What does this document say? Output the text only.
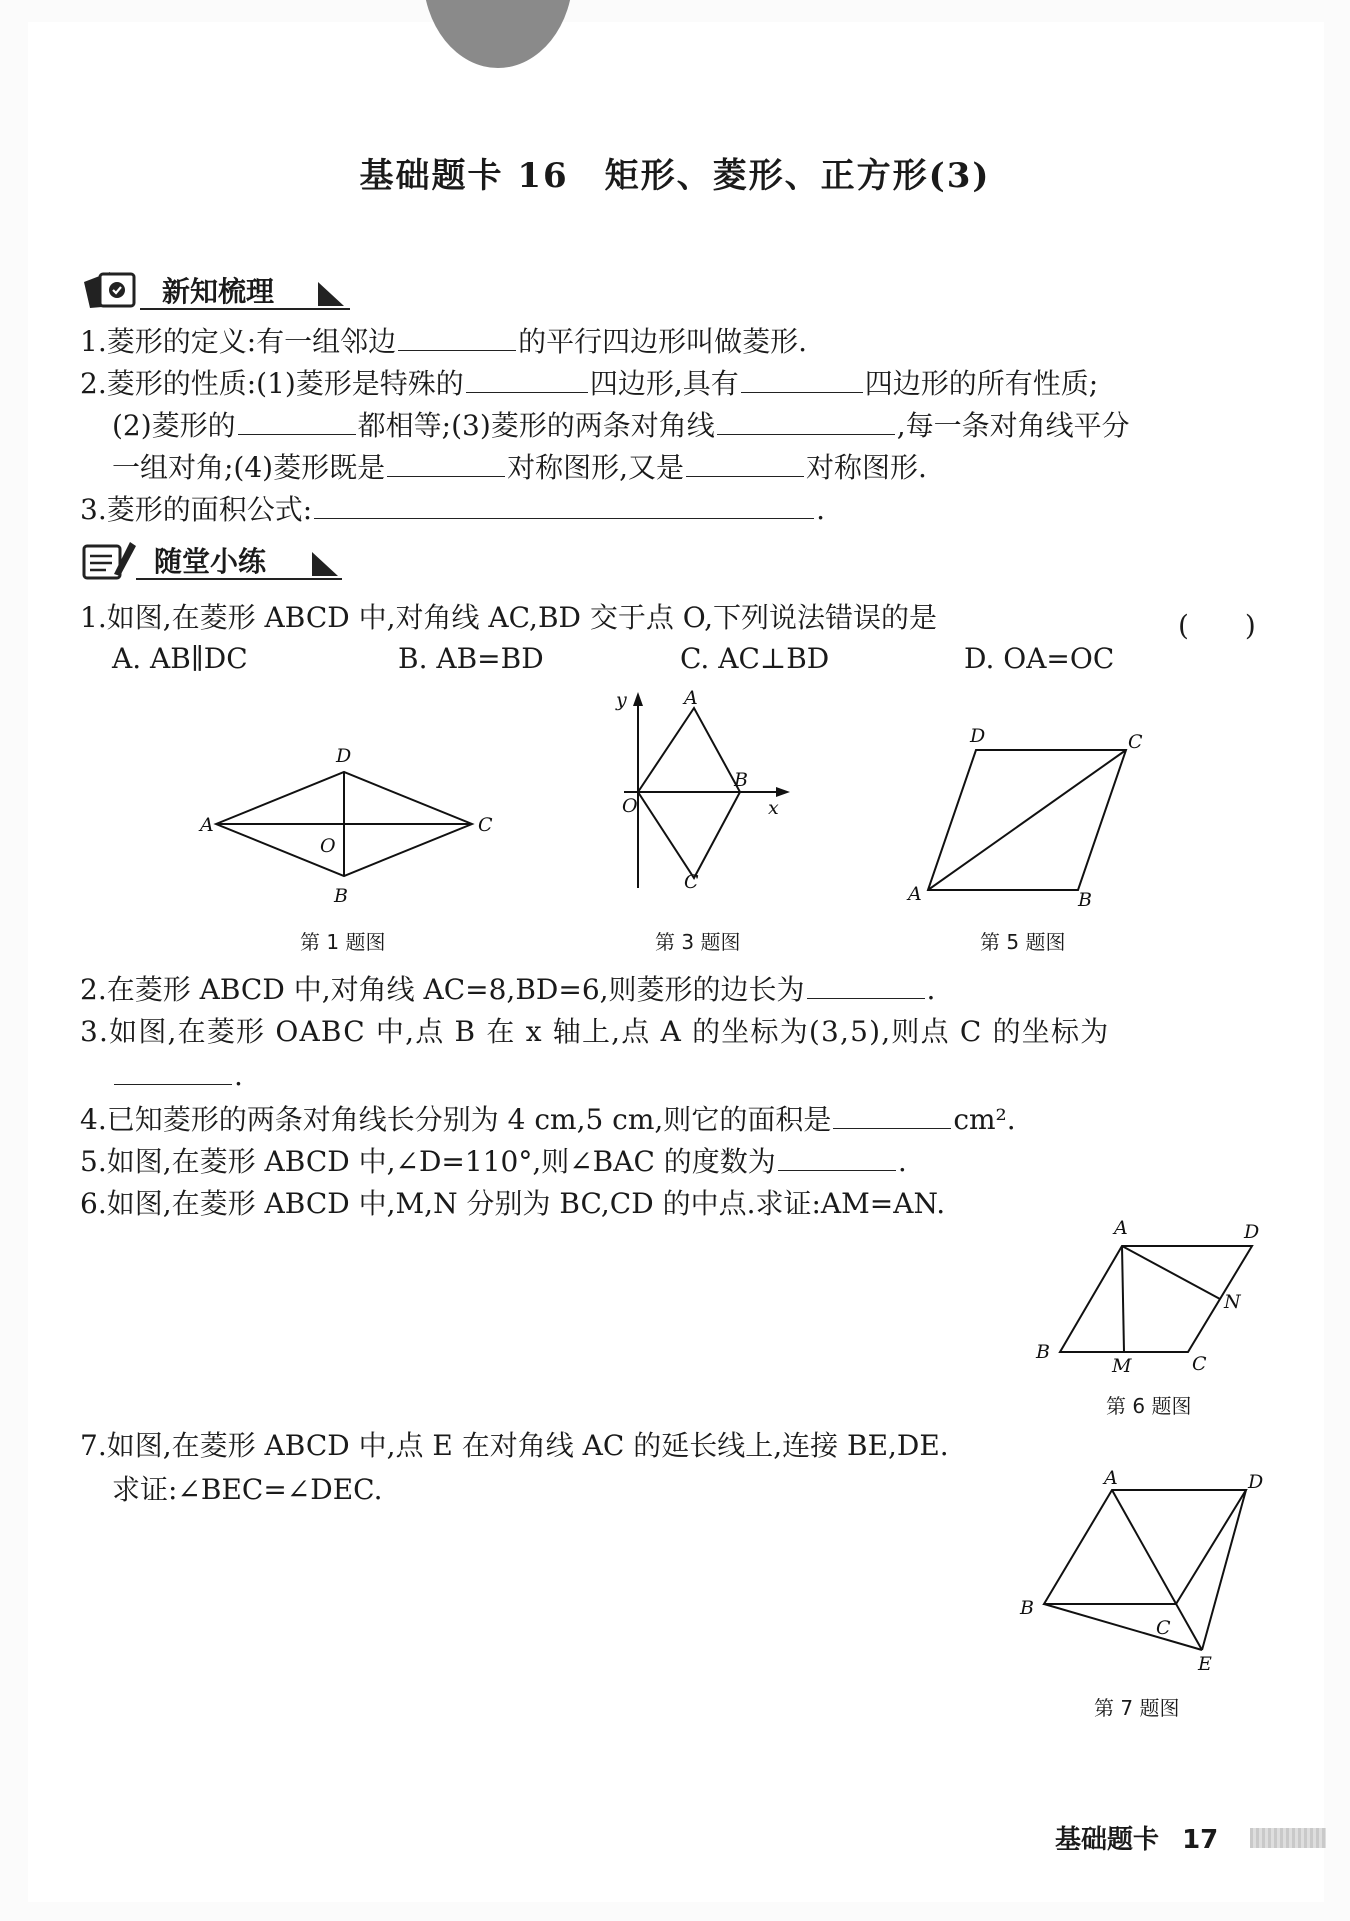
基础题卡 16　矩形、菱形、正方形(3)
新知梳理
1.菱形的定义:有一组邻边	的平行四边形叫做菱形.
2.菱形的性质:(1)菱形是特殊的	四边形,具有	四边形的所有性质;
(2)菱形的	都相等;(3)菱形的两条对角线	,每一条对角线平分
一组对角;(4)菱形既是	对称图形,又是	对称图形.
3.菱形的面积公式:	.
随堂小练
1.如图,在菱形 ABCD 中,对角线 AC,BD 交于点 O,下列说法错误的是	(　　)
A. AB∥DC	B. AB=BD	C. AC⊥BD	D. OA=OC
A
B
C
D
O
第 1 题图
y
x
O
A
B
C
第 3 题图
A	B
C
D
第 5 题图
2.在菱形 ABCD 中,对角线 AC=8,BD=6,则菱形的边长为	.
3.如图,在菱形 OABC 中,点 B 在 x 轴上,点 A 的坐标为(3,5),则点 C 的坐标为
.
4.已知菱形的两条对角线长分别为 4 cm,5 cm,则它的面积是	cm².
5.如图,在菱形 ABCD 中,∠D=110°,则∠BAC 的度数为	.
6.如图,在菱形 ABCD 中,M,N 分别为 BC,CD 的中点.求证:AM=AN.
B
C
A	D
M
N
第 6 题图
7.如图,在菱形 ABCD 中,点 E 在对角线 AC 的延长线上,连接 BE,DE.
求证:∠BEC=∠DEC.	A
B
C
D
E
第 7 题图
基础题卡 17
